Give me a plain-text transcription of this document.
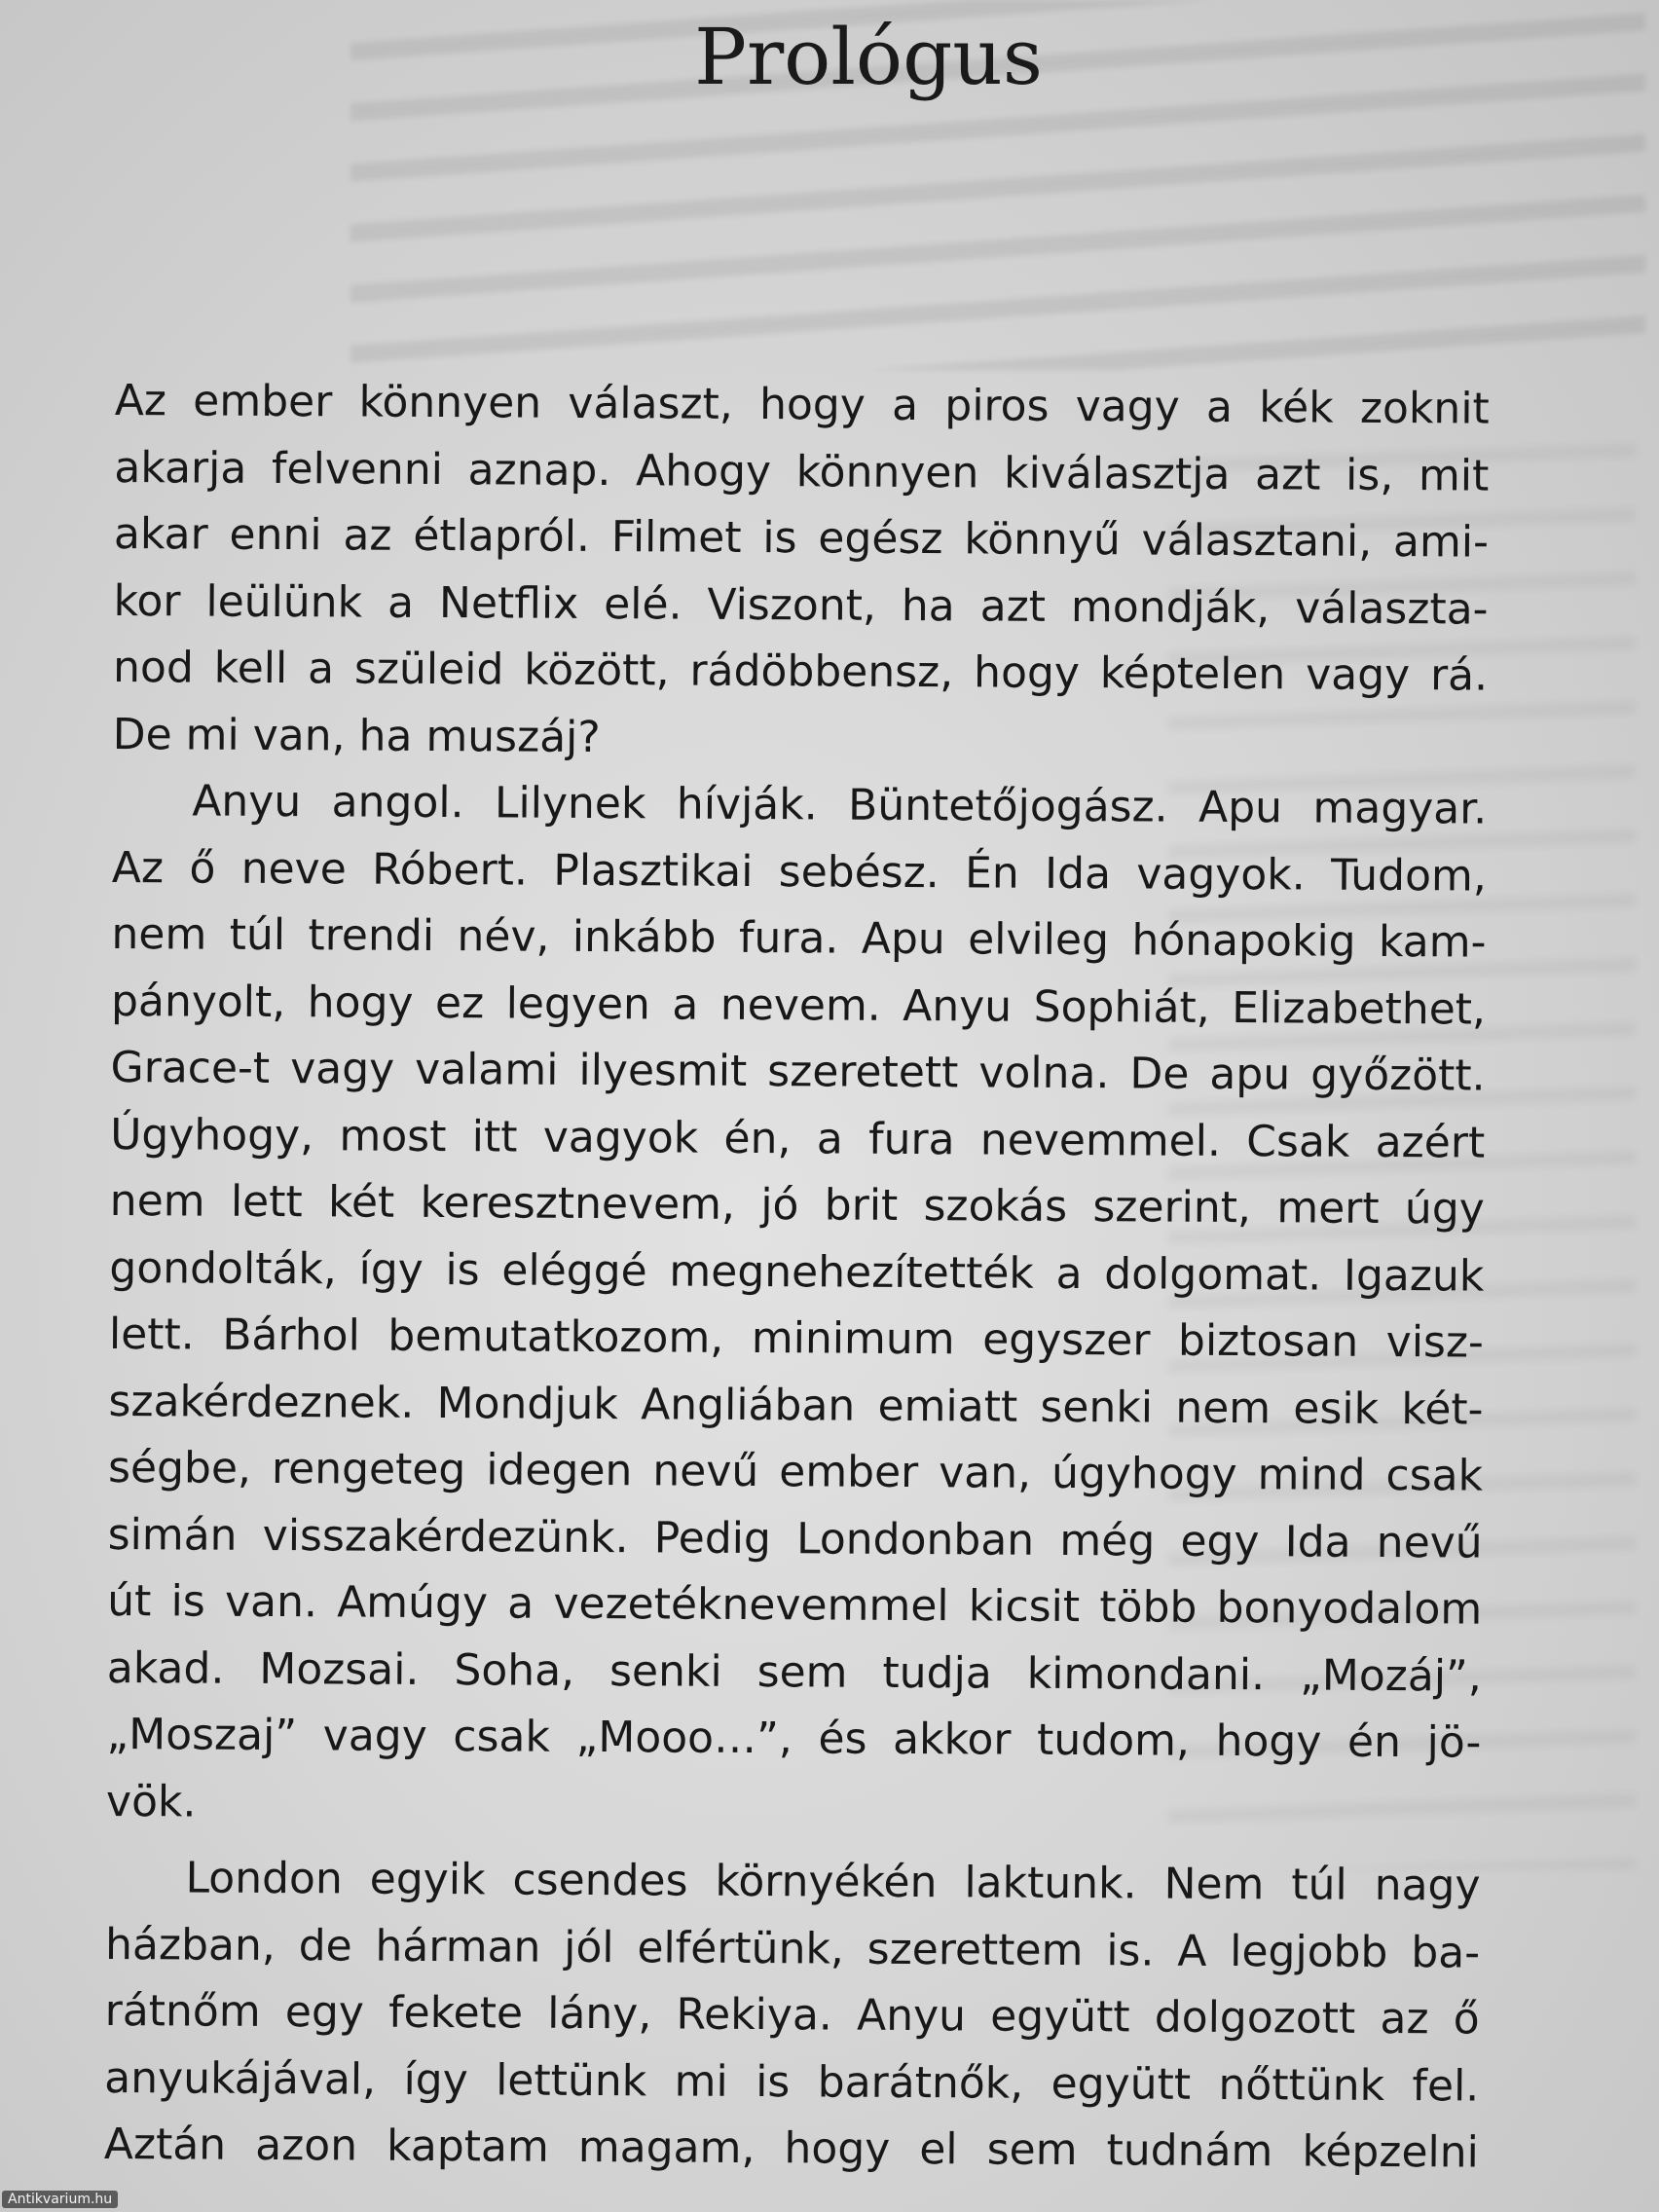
Prológus

Az ember könnyen választ, hogy a piros vagy a kék zoknit

akarja felvenni aznap. Ahogy könnyen kiválasztja azt is, mit

akar enni az étlapról. Filmet is egész könnyű választani, ami-

kor leülünk a Netflix elé. Viszont, ha azt mondják, választa-

nod kell a szüleid között, rádöbbensz, hogy képtelen vagy rá.

De mi van, ha muszáj?

Anyu angol. Lilynek hívják. Büntetőjogász. Apu magyar.

Az ő neve Róbert. Plasztikai sebész. Én Ida vagyok. Tudom,

nem túl trendi név, inkább fura. Apu elvileg hónapokig kam-

pányolt, hogy ez legyen a nevem. Anyu Sophiát, Elizabethet,

Grace-t vagy valami ilyesmit szeretett volna. De apu győzött.

Úgyhogy, most itt vagyok én, a fura nevemmel. Csak azért

nem lett két keresztnevem, jó brit szokás szerint, mert úgy

gondolták, így is eléggé megnehezítették a dolgomat. Igazuk

lett. Bárhol bemutatkozom, minimum egyszer biztosan visz-

szakérdeznek. Mondjuk Angliában emiatt senki nem esik két-

ségbe, rengeteg idegen nevű ember van, úgyhogy mind csak

simán visszakérdezünk. Pedig Londonban még egy Ida nevű

út is van. Amúgy a vezetéknevemmel kicsit több bonyodalom

akad. Mozsai. Soha, senki sem tudja kimondani. „Mozáj”,

„Moszaj” vagy csak „Mooo…”, és akkor tudom, hogy én jö-

vök.

London egyik csendes környékén laktunk. Nem túl nagy

házban, de hárman jól elfértünk, szerettem is. A legjobb ba-

rátnőm egy fekete lány, Rekiya. Anyu együtt dolgozott az ő

anyukájával, így lettünk mi is barátnők, együtt nőttünk fel.

Aztán azon kaptam magam, hogy el sem tudnám képzelni

Antikvarium.hu
